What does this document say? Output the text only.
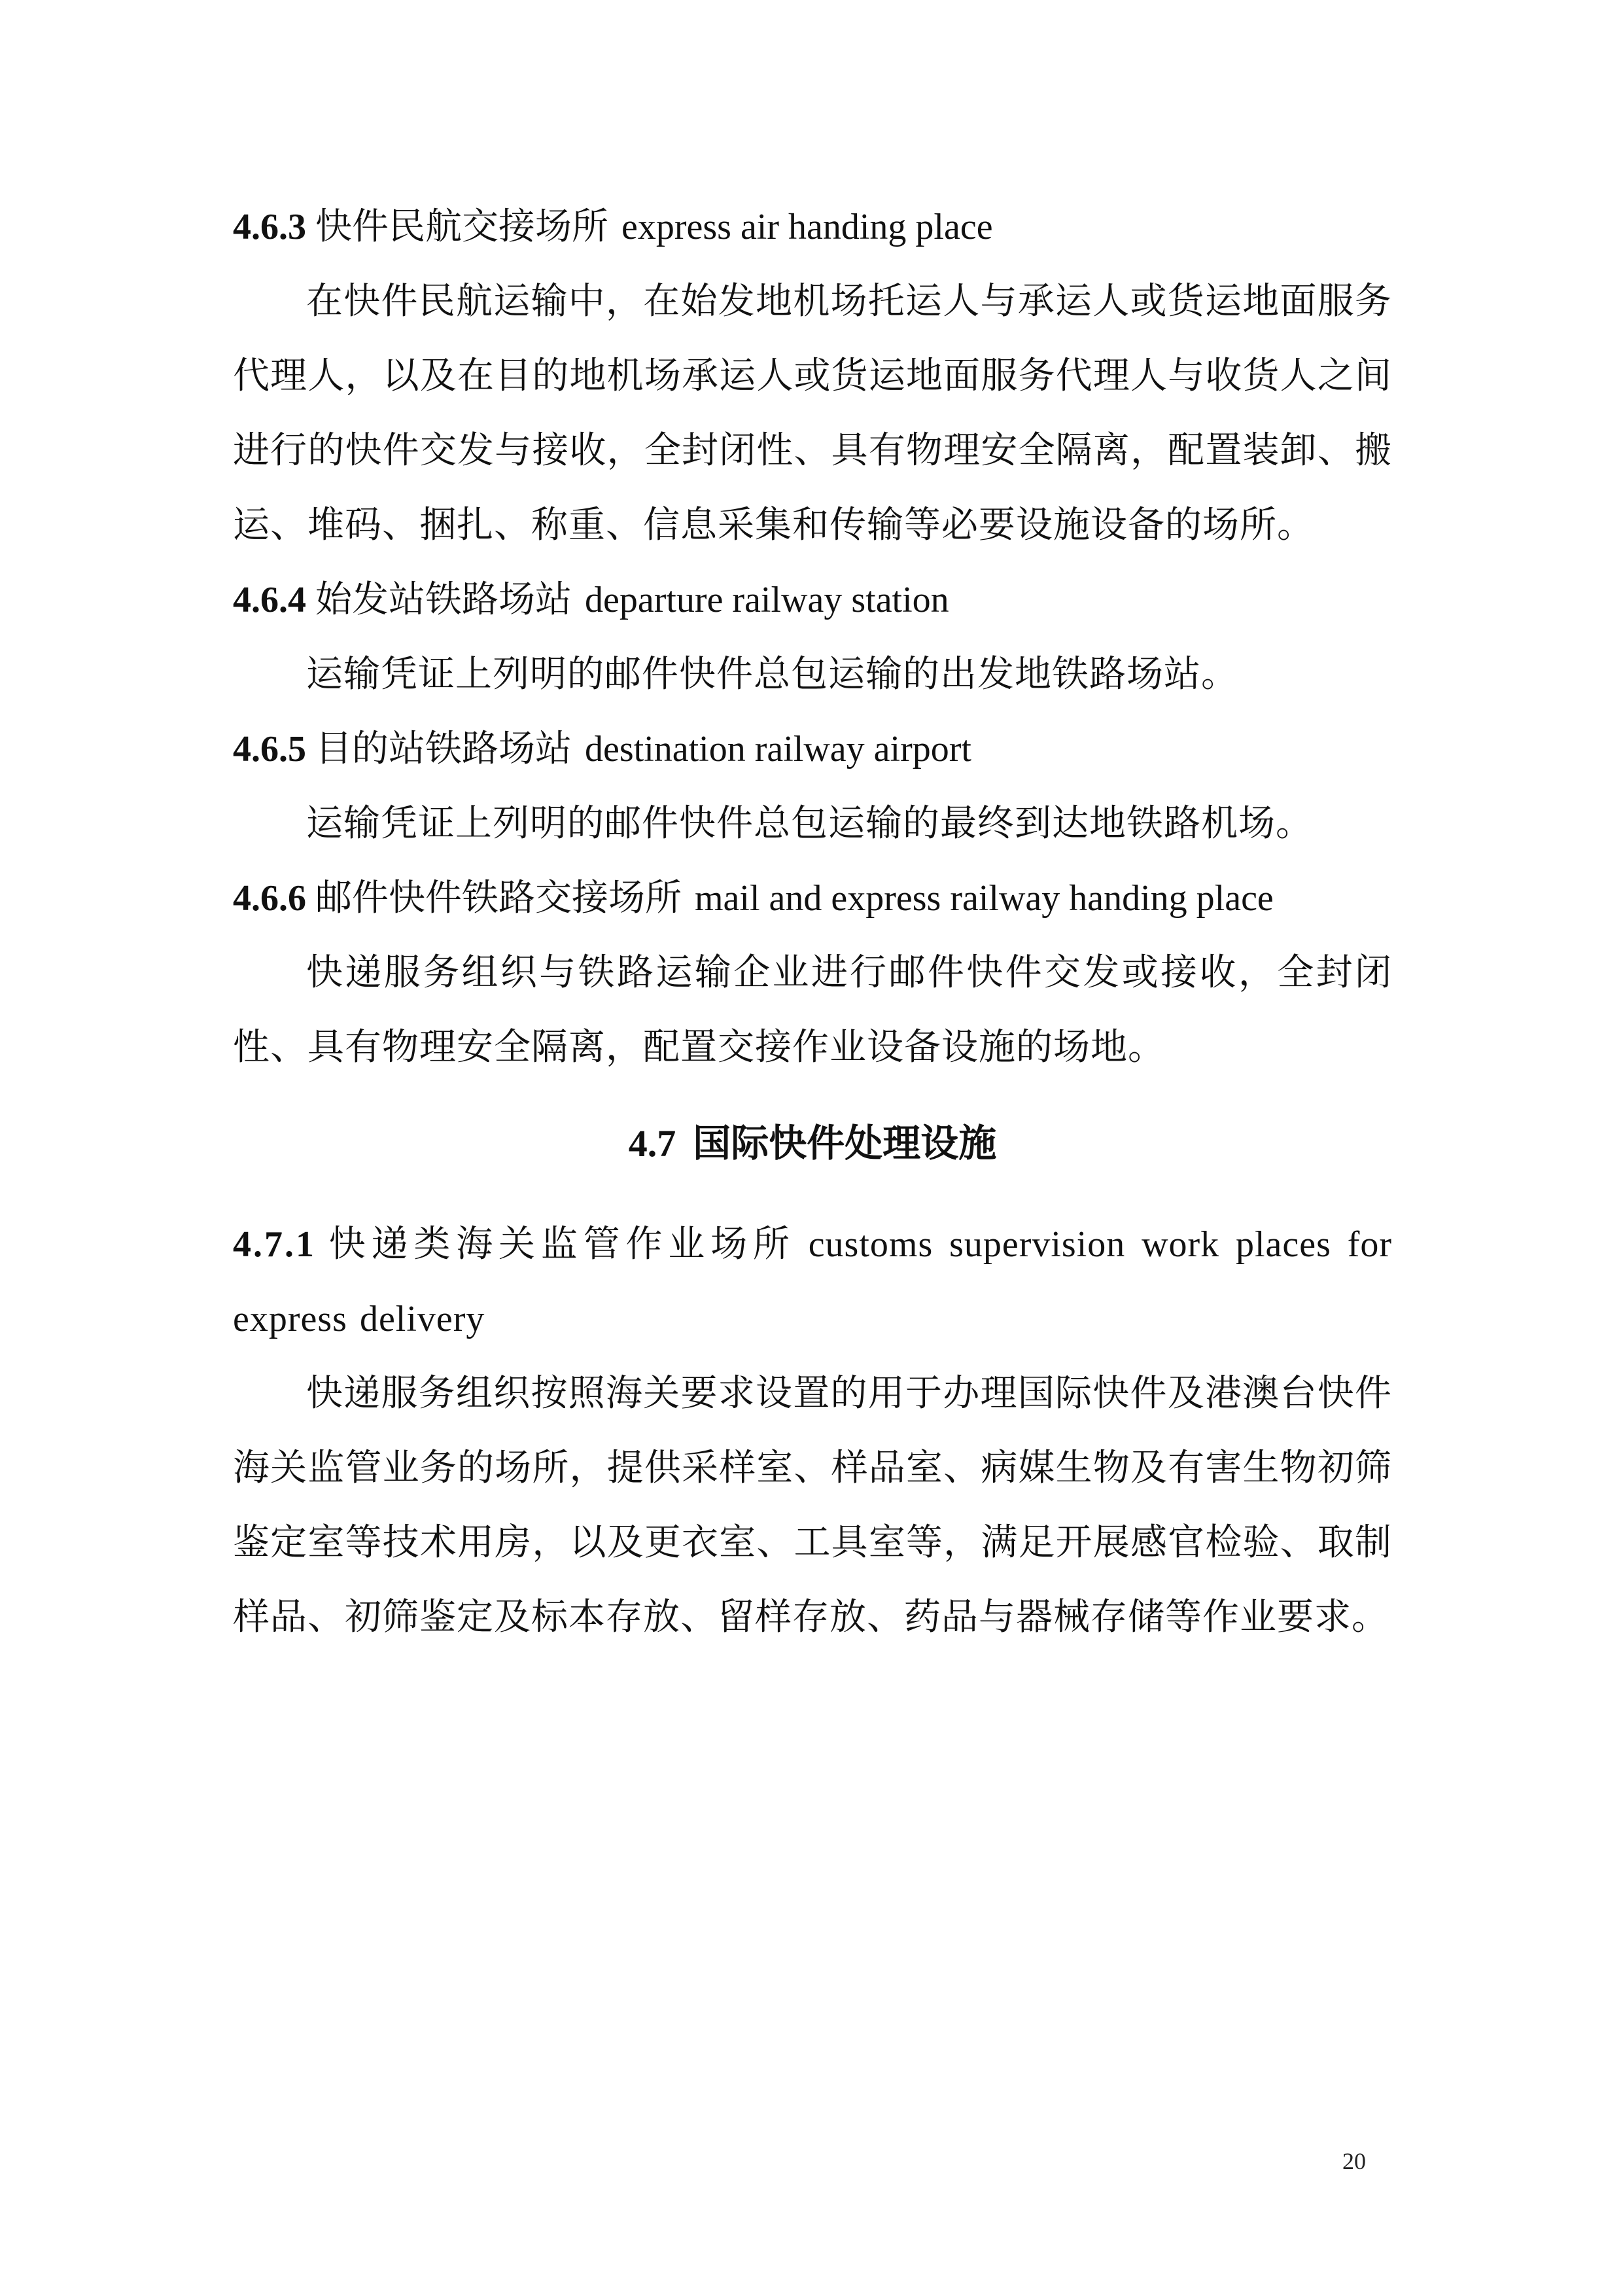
4.6.3 快件民航交接场所 express air handing place

在快件民航运输中，在始发地机场托运人与承运人或货运地面服务代理人，以及在目的地机场承运人或货运地面服务代理人与收货人之间进行的快件交发与接收，全封闭性、具有物理安全隔离，配置装卸、搬运、堆码、捆扎、称重、信息采集和传输等必要设施设备的场所。

4.6.4 始发站铁路场站 departure railway station

运输凭证上列明的邮件快件总包运输的出发地铁路场站。

4.6.5 目的站铁路场站 destination railway airport

运输凭证上列明的邮件快件总包运输的最终到达地铁路机场。

4.6.6 邮件快件铁路交接场所 mail and express railway handing place

快递服务组织与铁路运输企业进行邮件快件交发或接收，全封闭性、具有物理安全隔离，配置交接作业设备设施的场地。

4.7 国际快件处理设施

4.7.1 快递类海关监管作业场所 customs supervision work places for express delivery

快递服务组织按照海关要求设置的用于办理国际快件及港澳台快件海关监管业务的场所，提供采样室、样品室、病媒生物及有害生物初筛鉴定室等技术用房，以及更衣室、工具室等，满足开展感官检验、取制样品、初筛鉴定及标本存放、留样存放、药品与器械存储等作业要求。

20
